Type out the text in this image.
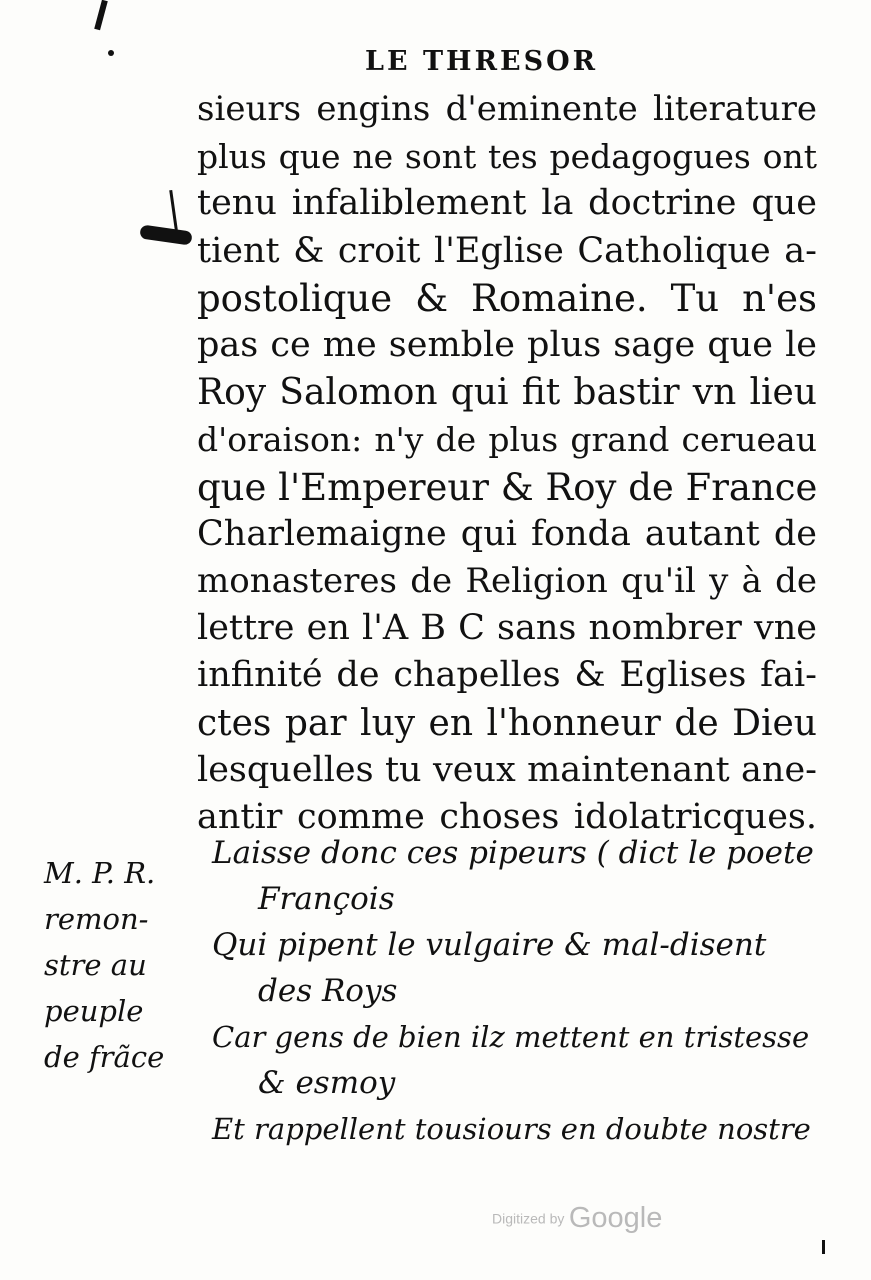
LE THRESOR
sieurs engins d'eminente literature
plus que ne sont tes pedagogues ont
tenu infaliblement la doctrine que
tient & croit l'Eglise Catholique a-
postolique & Romaine. Tu n'es
pas ce me semble plus sage que le
Roy Salomon qui fit bastir vn lieu
d'oraison: n'y de plus grand cerueau
que l'Empereur & Roy de France
Charlemaigne qui fonda autant de
monasteres de Religion qu'il y à de
lettre en l'A B C sans nombrer vne
infinité de chapelles & Eglises fai-
ctes par luy en l'honneur de Dieu
lesquelles tu veux maintenant ane-
antir comme choses idolatricques.
Laisse donc ces pipeurs ( dict le poete
François
Qui pipent le vulgaire & mal-disent
des Roys
Car gens de bien ilz mettent en tristesse
& esmoy
Et rappellent tousiours en doubte nostre
M. P. R.
remon-
stre au
peuple
de frãce
Digitized by Google
